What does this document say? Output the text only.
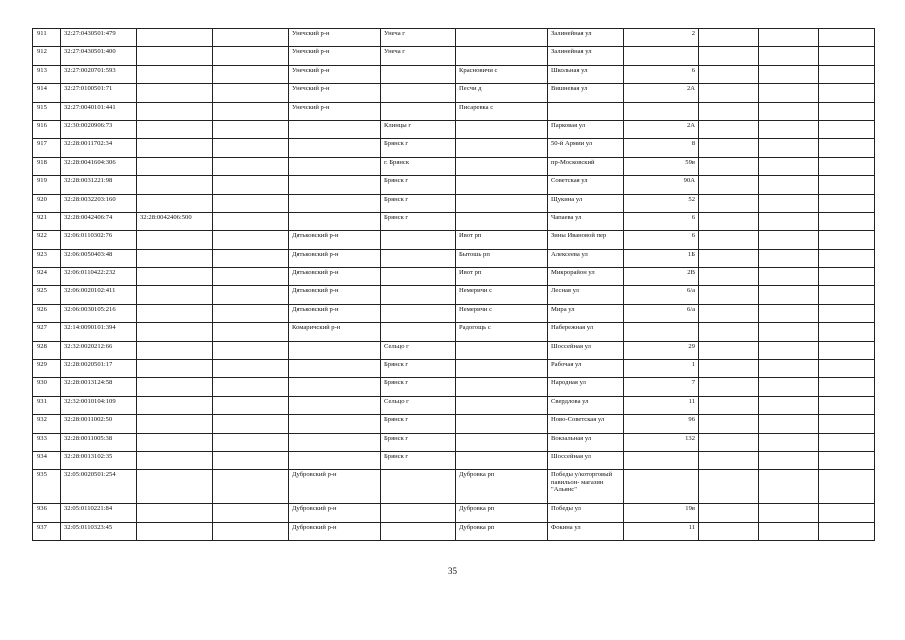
911	32:27:0430501:479			Унечский р-н	Унеча г		Залинейная ул	2			
912	32:27:0430501:400			Унечский р-н	Унеча г		Залинейная ул				
913	32:27:0020701:593			Унечский р-н		Красновичи с	Школьная ул	6			
914	32:27:0100501:71			Унечский р-н		Песчи д	Вишневая ул	2А			
915	32:27:0040101:441			Унечский р-н		Писаревка с					
916	32:30:0020906:73				Клинцы г		Парковая ул	2А			
917	32:28:0011702:34				Брянск г		50-й Армии ул	8			
918	32:28:0041604:306				г. Брянск		пр-Московский	59в			
919	32:28:0031221:98				Брянск г		Советская ул	90А			
920	32:28:0032203:160				Брянск г		Щукина ул	52			
921	32:28:0042406:74	32:28:0042406:500			Брянск г		Чапаева ул	6			
922	32:06:0110302:76			Дятьковский р-н		Ивот рп	Зины Ивановой пер	6			
923	32:06:0050403:48			Дятьковский р-н		Бытошь рп	Алексеева ул	1Б			
924	32:06:0110422:232			Дятьковский р-н		Ивот рп	Микрорайон ул	2В			
925	32:06:0020102:411			Дятьковский р-н		Немеричи с	Лесная ул	6/а			
926	32:06:0030105:216			Дятьковский р-н		Немеричи с	Мира ул	6/а			
927	32:14:0090101:394			Комаричский р-н		Радогощь с	Набережная ул				
928	32:32:0020212:66				Сельцо г		Шоссейная ул	29			
929	32:28:0020501:17				Брянск г		Рабочая ул	1			
930	32:28:0013124:58				Брянск г		Народная ул	7			
931	32:32:0010104:109				Сельцо г		Свердлова ул	11			
932	32:28:0011002:50				Брянск г		Ново-Советская ул	96			
933	32:28:0011005:38				Брянск г		Вокзальная ул	132			
934	32:28:0013102:35				Брянск г		Шоссейная ул				
935	32:05:0020501:254			Дубровский р-н		Дубровка рп	Победы у/которговый павильон- магазин "Альянс"				
936	32:05:0110221:84			Дубровский р-н		Дубровка рп	Победы ул	19в			
937	32:05:0110323:45			Дубровский р-н		Дубровка рп	Фокина ул	11			
35
